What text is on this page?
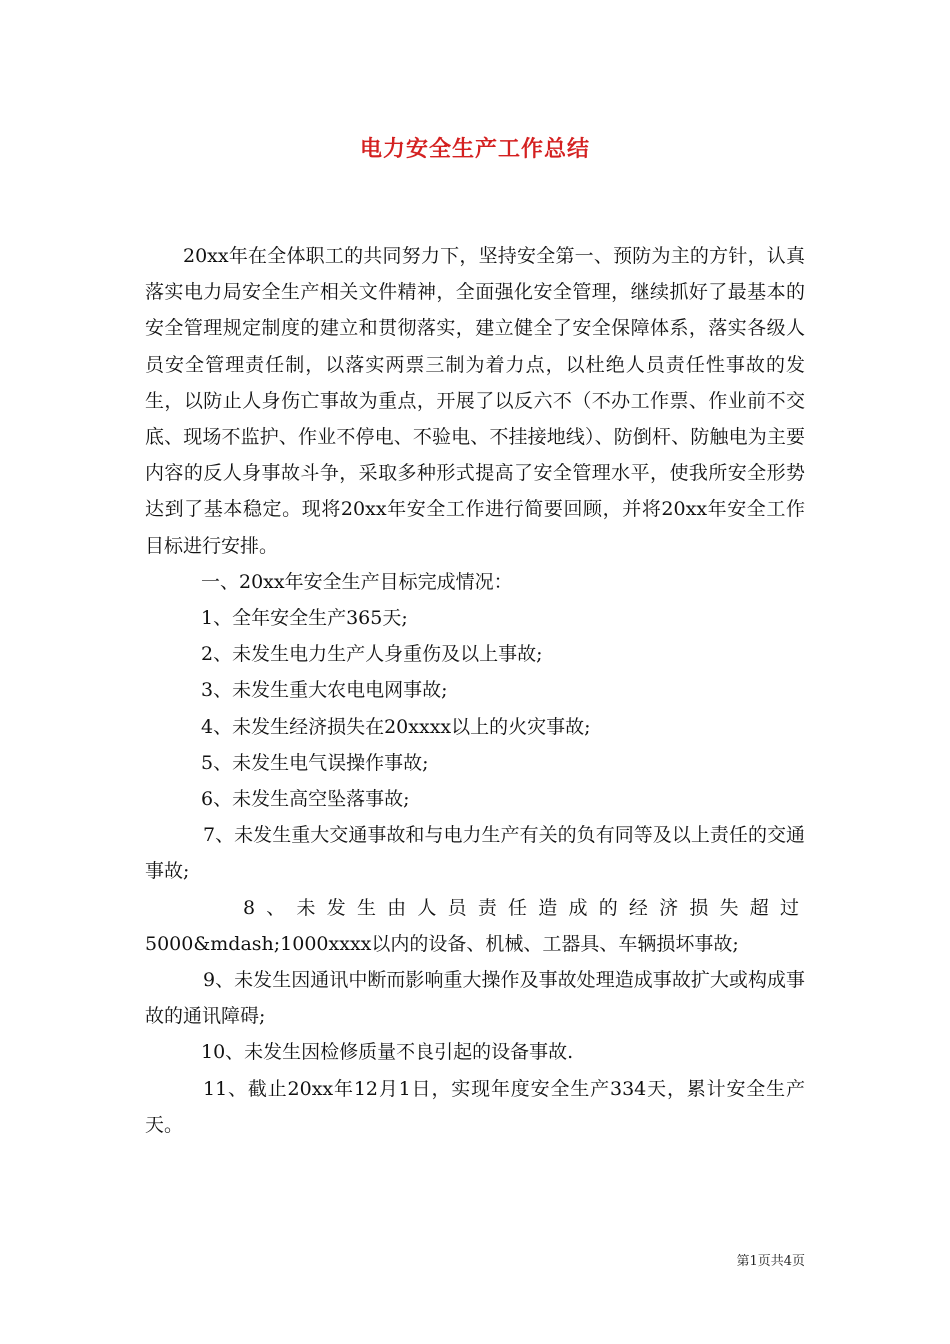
电力安全生产工作总结

20xx年在全体职工的共同努力下，坚持安全第一、预防为主的方针，认真落实电力局安全生产相关文件精神，全面强化安全管理，继续抓好了最基本的安全管理规定制度的建立和贯彻落实，建立健全了安全保障体系，落实各级人员安全管理责任制，以落实两票三制为着力点，以杜绝人员责任性事故的发生，以防止人身伤亡事故为重点，开展了以反六不（不办工作票、作业前不交底、现场不监护、作业不停电、不验电、不挂接地线）、防倒杆、防触电为主要内容的反人身事故斗争，采取多种形式提高了安全管理水平，使我所安全形势达到了基本稳定。现将20xx年安全工作进行简要回顾，并将20xx年安全工作目标进行安排。

一、20xx年安全生产目标完成情况：

1、全年安全生产365天;

2、未发生电力生产人身重伤及以上事故;

3、未发生重大农电电网事故;

4、未发生经济损失在20xxxx以上的火灾事故;

5、未发生电气误操作事故;

6、未发生高空坠落事故;

7、未发生重大交通事故和与电力生产有关的负有同等及以上责任的交通事故;

8、未发生由人员责任造成的经济损失超过5000&mdash;1000xxxx以内的设备、机械、工器具、车辆损坏事故;

9、未发生因通讯中断而影响重大操作及事故处理造成事故扩大或构成事故的通讯障碍;

10、未发生因检修质量不良引起的设备事故.

11、截止20xx年12月1日，实现年度安全生产334天，累计安全生产天。

第1页共4页
